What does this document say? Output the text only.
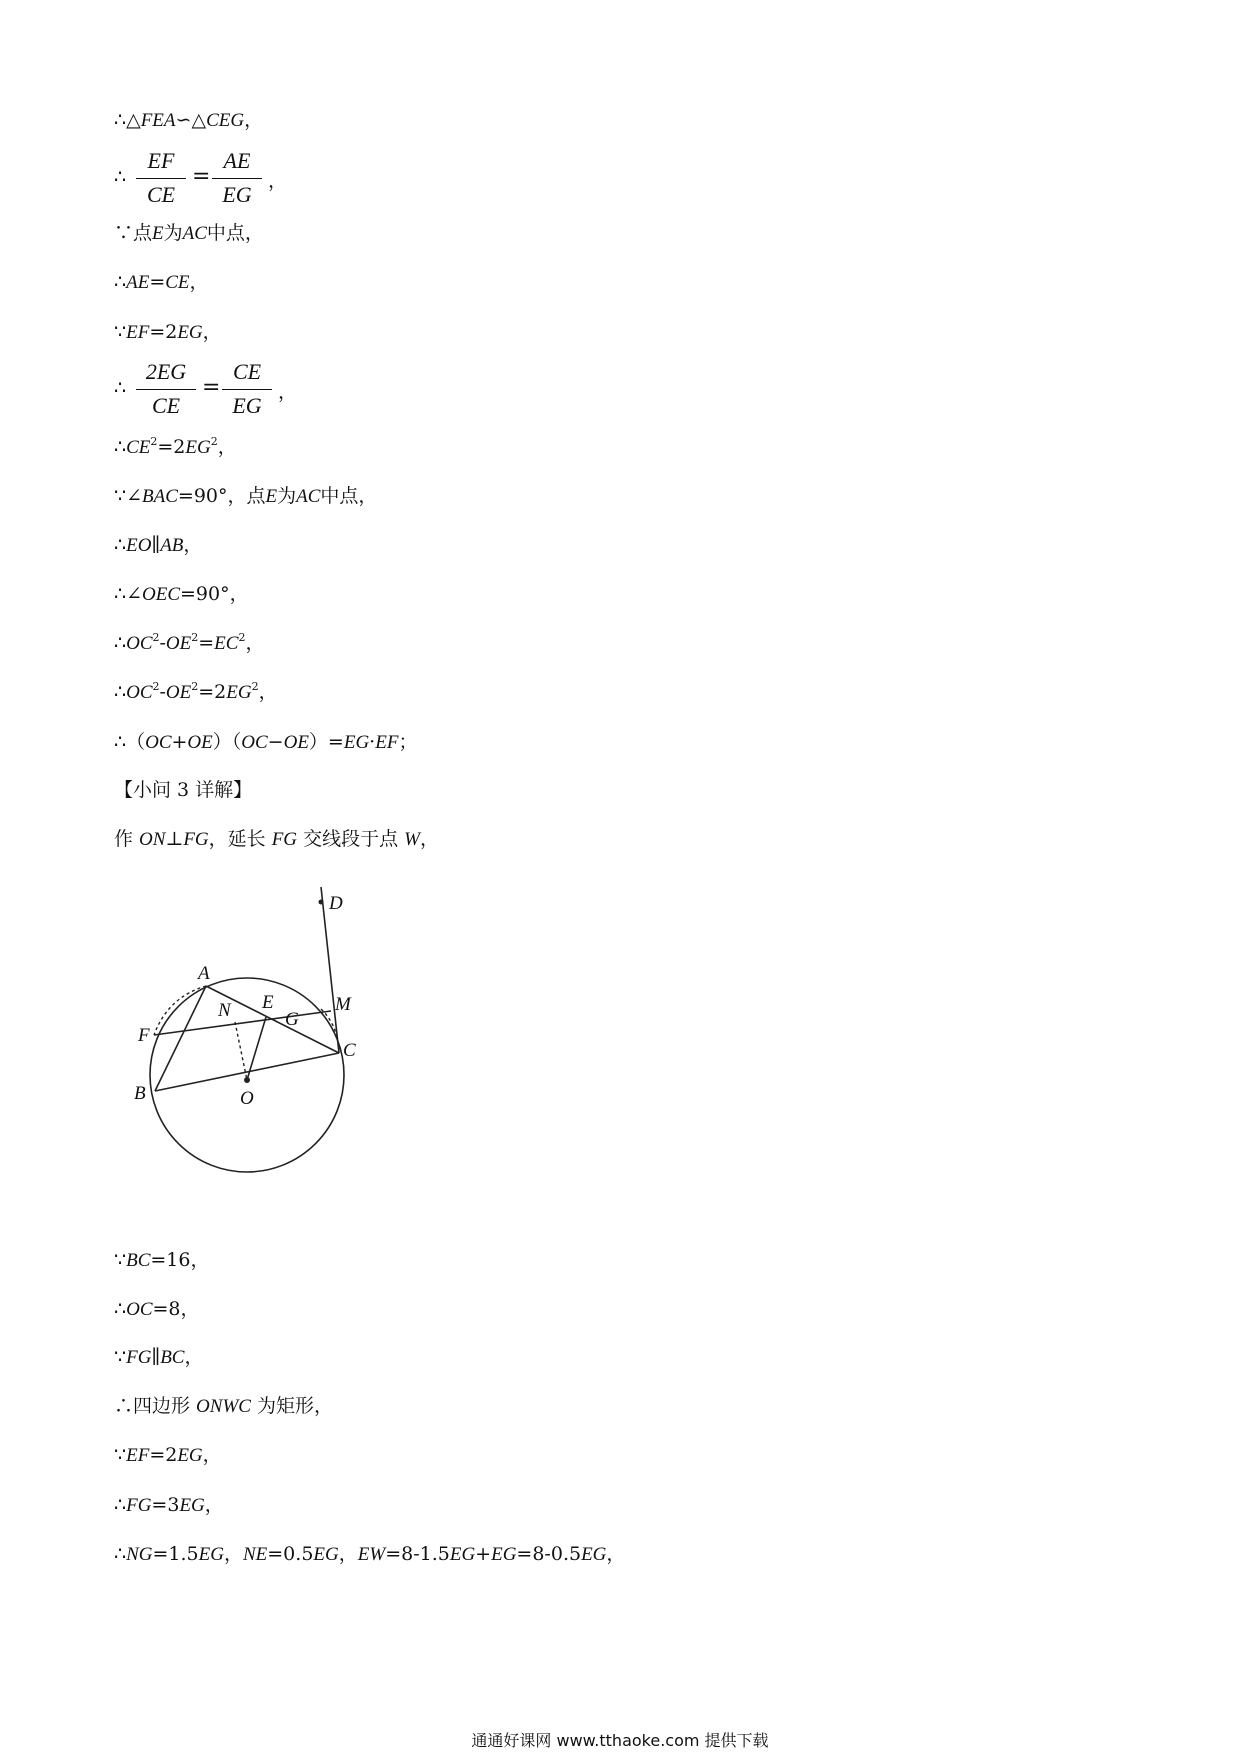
∴△FEA∽△CEG，
∴
EF
CE
=
AE
EG
，
∵点E为AC中点，
∴AE=CE，
∵EF=2EG，
∴
2EG
CE
=
CE
EG
，
$\therefore CE^2=2EG^2$，
∵∠BAC=90°，点E为AC中点，
∴EO∥AB，
∴∠OEC=90°，
$\therefore OC^2-OE^2=EC^2$，
$\therefore OC^2-OE^2=2EG^2$，
∴（OC+OE）（OC−OE）=EG·EF；
【小问 3 详解】
作 ON⊥FG，延长 FG 交线段于点 W，
D
A
M
E
N	G
F
C
B	O
∵BC=16，
∴OC=8，
∵FG∥BC，
∴四边形 ONWC 为矩形，
∵EF=2EG，
∴FG=3EG，
∴NG=1.5EG，NE=0.5EG，EW=8-1.5EG+EG=8-0.5EG，
通通好课网 www.tthaoke.com 提供下载
